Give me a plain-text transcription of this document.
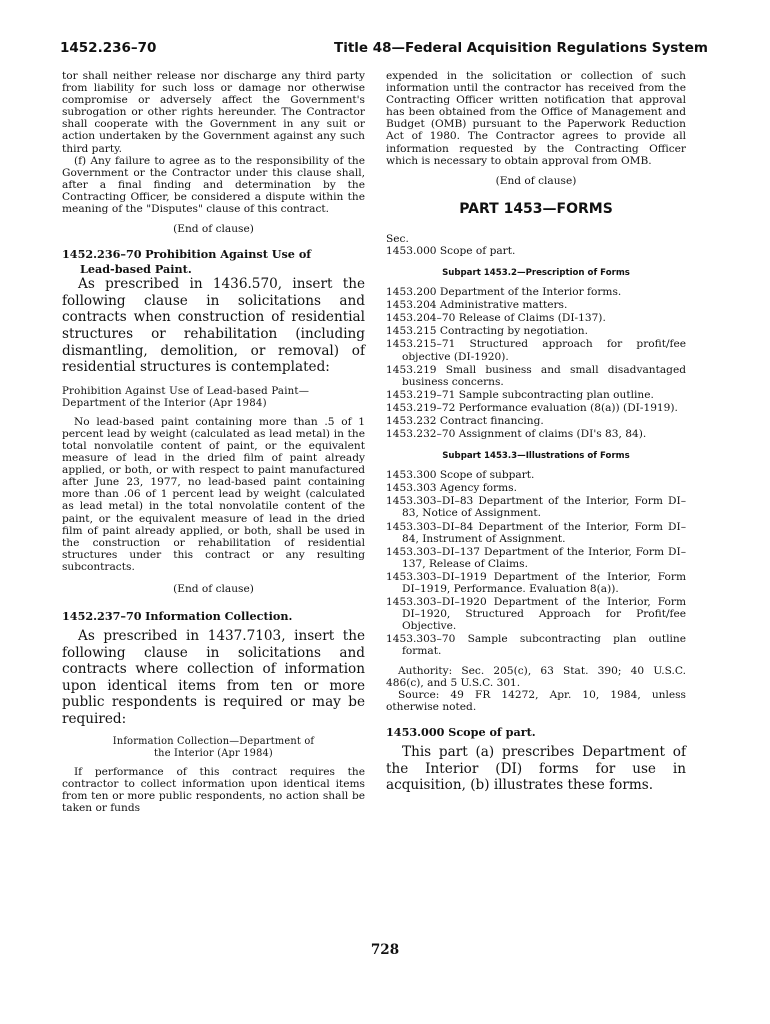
1452.236–70	Title 48—Federal Acquisition Regulations System

tor shall neither release nor discharge any third party from liability for such loss or damage nor otherwise compromise or adversely affect the Government's subrogation or other rights hereunder. The Contractor shall cooperate with the Government in any suit or action undertaken by the Government against any such third party.

(f) Any failure to agree as to the responsibility of the Government or the Contractor under this clause shall, after a final finding and determination by the Contracting Officer, be considered a dispute within the meaning of the "Disputes" clause of this contract.

(End of clause)

1452.236–70 Prohibition Against Use of

Lead-based Paint.

As prescribed in 1436.570, insert the following clause in solicitations and contracts when construction of residential structures or rehabilitation (including dismantling, demolition, or removal) of residential structures is contemplated:

Prohibition Against Use of Lead-based Paint—Department of the Interior (Apr 1984)

No lead-based paint containing more than .5 of 1 percent lead by weight (calculated as lead metal) in the total nonvolatile content of paint, or the equivalent measure of lead in the dried film of paint already applied, or both, or with respect to paint manufactured after June 23, 1977, no lead-based paint containing more than .06 of 1 percent lead by weight (calculated as lead metal) in the total nonvolatile content of the paint, or the equivalent measure of lead in the dried film of paint already applied, or both, shall be used in the construction or rehabilitation of residential structures under this contract or any resulting subcontracts.

(End of clause)

1452.237–70 Information Collection.

As prescribed in 1437.7103, insert the following clause in solicitations and contracts where collection of information upon identical items from ten or more public respondents is required or may be required:

Information Collection—Department of

the Interior (Apr 1984)

If performance of this contract requires the contractor to collect information upon identical items from ten or more public respondents, no action shall be taken or funds

expended in the solicitation or collection of such information until the contractor has received from the Contracting Officer written notification that approval has been obtained from the Office of Management and Budget (OMB) pursuant to the Paperwork Reduction Act of 1980. The Contractor agrees to provide all information requested by the Contracting Officer which is necessary to obtain approval from OMB.

(End of clause)

PART 1453—FORMS

Sec.

1453.000 Scope of part.

Subpart 1453.2—Prescription of Forms

1453.200 Department of the Interior forms.
1453.204 Administrative matters.
1453.204–70 Release of Claims (DI-137).
1453.215 Contracting by negotiation.
1453.215–71 Structured approach for profit/fee objective (DI-1920).
1453.219 Small business and small disadvantaged business concerns.
1453.219–71 Sample subcontracting plan outline.
1453.219–72 Performance evaluation (8(a)) (DI-1919).
1453.232 Contract financing.
1453.232–70 Assignment of claims (DI's 83, 84).

Subpart 1453.3—Illustrations of Forms

1453.300 Scope of subpart.
1453.303 Agency forms.
1453.303–DI–83 Department of the Interior, Form DI–83, Notice of Assignment.
1453.303–DI–84 Department of the Interior, Form DI–84, Instrument of Assignment.
1453.303–DI–137 Department of the Interior, Form DI–137, Release of Claims.
1453.303–DI–1919 Department of the Interior, Form DI–1919, Performance. Evaluation 8(a)).
1453.303–DI–1920 Department of the Interior, Form DI–1920, Structured Approach for Profit/fee Objective.
1453.303–70 Sample subcontracting plan outline format.

Authority: Sec. 205(c), 63 Stat. 390; 40 U.S.C. 486(c), and 5 U.S.C. 301.

Source: 49 FR 14272, Apr. 10, 1984, unless otherwise noted.

1453.000 Scope of part.

This part (a) prescribes Department of the Interior (DI) forms for use in acquisition, (b) illustrates these forms.

728
